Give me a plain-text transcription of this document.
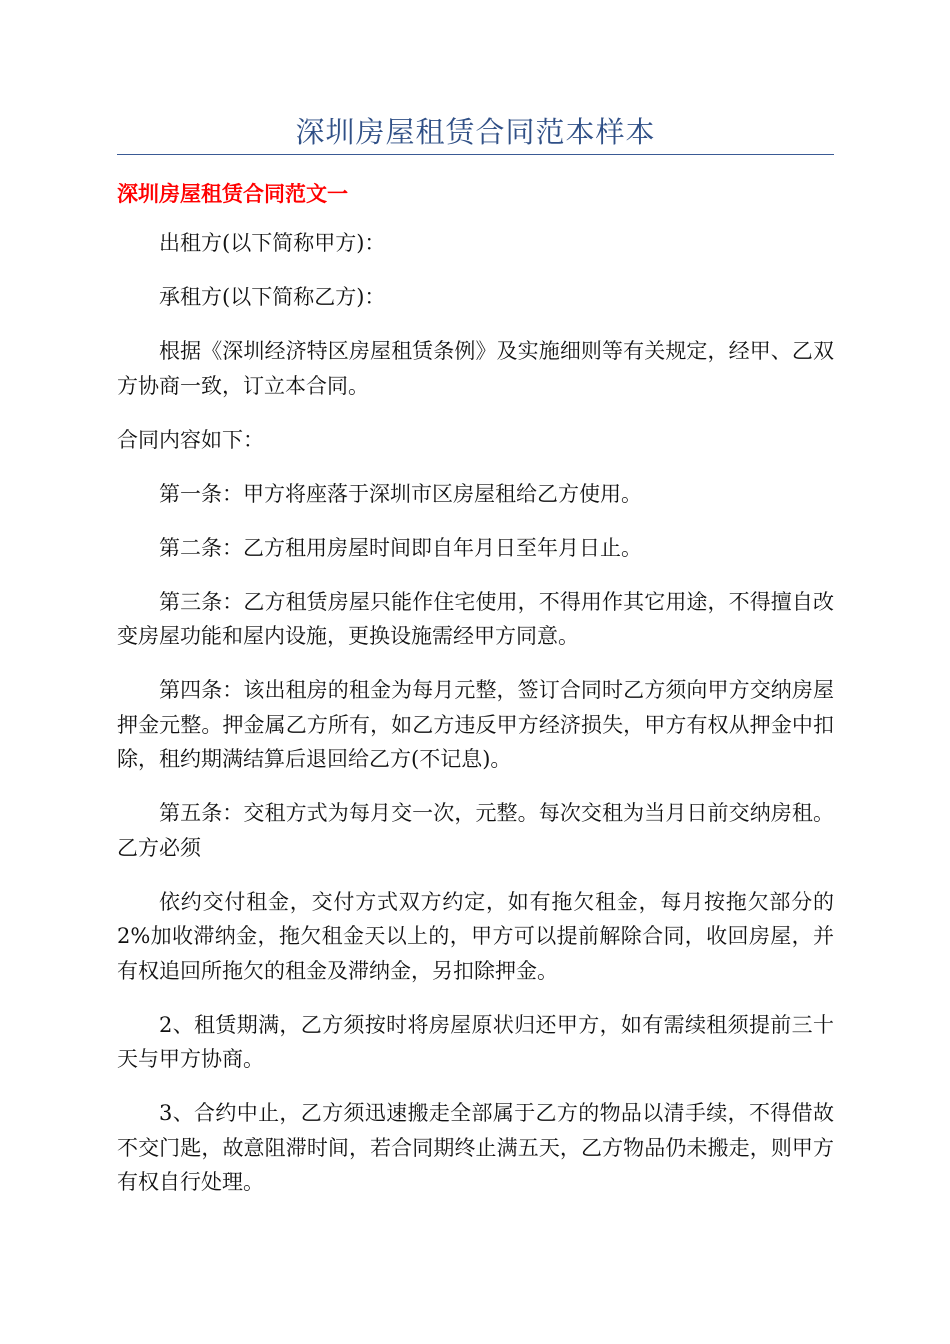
深圳房屋租赁合同范本样本
深圳房屋租赁合同范文一

出租方(以下简称甲方)：

承租方(以下简称乙方)：

根据《深圳经济特区房屋租赁条例》及实施细则等有关规定，经甲、乙双方协商一致，订立本合同。

合同内容如下：

第一条：甲方将座落于深圳市区房屋租给乙方使用。

第二条：乙方租用房屋时间即自年月日至年月日止。

第三条：乙方租赁房屋只能作住宅使用，不得用作其它用途，不得擅自改变房屋功能和屋内设施，更换设施需经甲方同意。

第四条：该出租房的租金为每月元整，签订合同时乙方须向甲方交纳房屋押金元整。押金属乙方所有，如乙方违反甲方经济损失，甲方有权从押金中扣除，租约期满结算后退回给乙方(不记息)。

第五条：交租方式为每月交一次，元整。每次交租为当月日前交纳房租。乙方必须

依约交付租金，交付方式双方约定，如有拖欠租金，每月按拖欠部分的2%加收滞纳金，拖欠租金天以上的，甲方可以提前解除合同，收回房屋，并有权追回所拖欠的租金及滞纳金，另扣除押金。

2、租赁期满，乙方须按时将房屋原状归还甲方，如有需续租须提前三十天与甲方协商。

3、合约中止，乙方须迅速搬走全部属于乙方的物品以清手续，不得借故不交门匙，故意阻滞时间，若合同期终止满五天，乙方物品仍未搬走，则甲方有权自行处理。
